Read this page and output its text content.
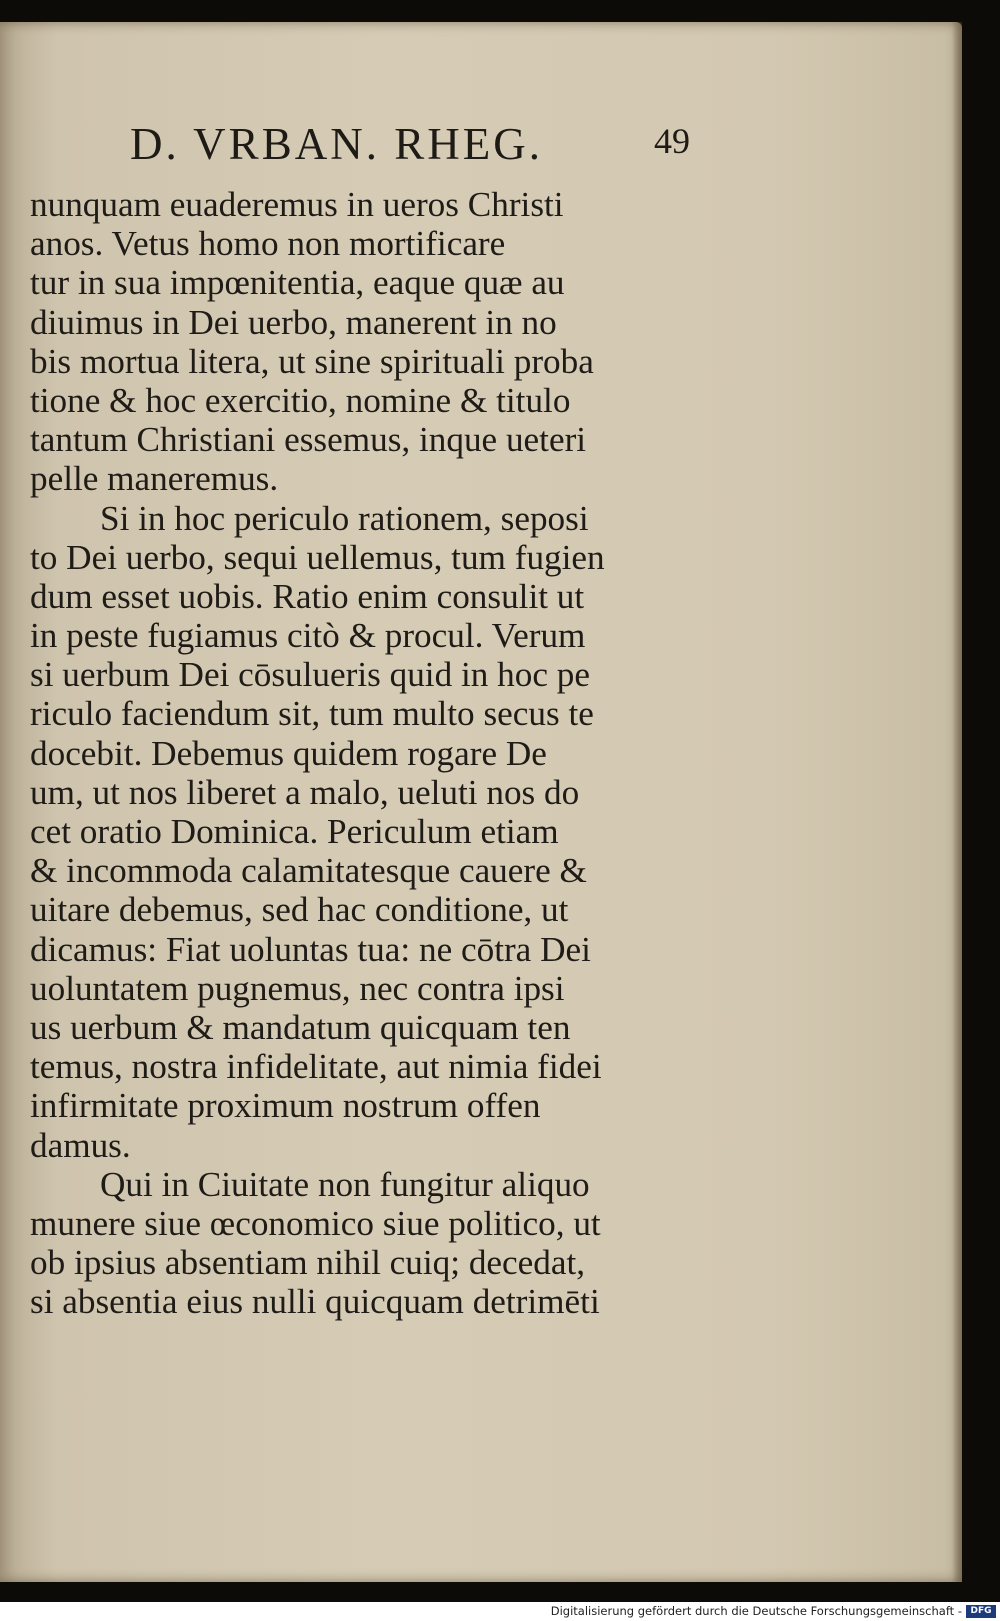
D. VRBAN. RHEG.	49
nunquam euaderemus in ueros Christi
anos. Vetus homo non mortificare
tur in sua impœnitentia, eaque quæ au
diuimus in Dei uerbo, manerent in no
bis mortua litera, ut sine spirituali proba
tione & hoc exercitio, nomine & titulo
tantum Christiani essemus, inque ueteri
pelle maneremus.
Si in hoc periculo rationem, seposi
to Dei uerbo, sequi uellemus, tum fugien
dum esset uobis. Ratio enim consulit ut
in peste fugiamus citò & procul. Verum
si uerbum Dei cōsulueris quid in hoc pe
riculo faciendum sit, tum multo secus te
docebit. Debemus quidem rogare De
um, ut nos liberet a malo, ueluti nos do
cet oratio Dominica. Periculum etiam
& incommoda calamitatesque cauere &
uitare debemus, sed hac conditione, ut
dicamus: Fiat uoluntas tua: ne cōtra Dei
uoluntatem pugnemus, nec contra ipsi
us uerbum & mandatum quicquam ten
temus, nostra infidelitate, aut nimia fidei
infirmitate proximum nostrum offen
damus.
Qui in Ciuitate non fungitur aliquo
munere siue œconomico siue politico, ut
ob ipsius absentiam nihil cuiq; decedat,
si absentia eius nulli quicquam detrimēti
Digitalisierung gefördert durch die Deutsche Forschungsgemeinschaft - DFG
